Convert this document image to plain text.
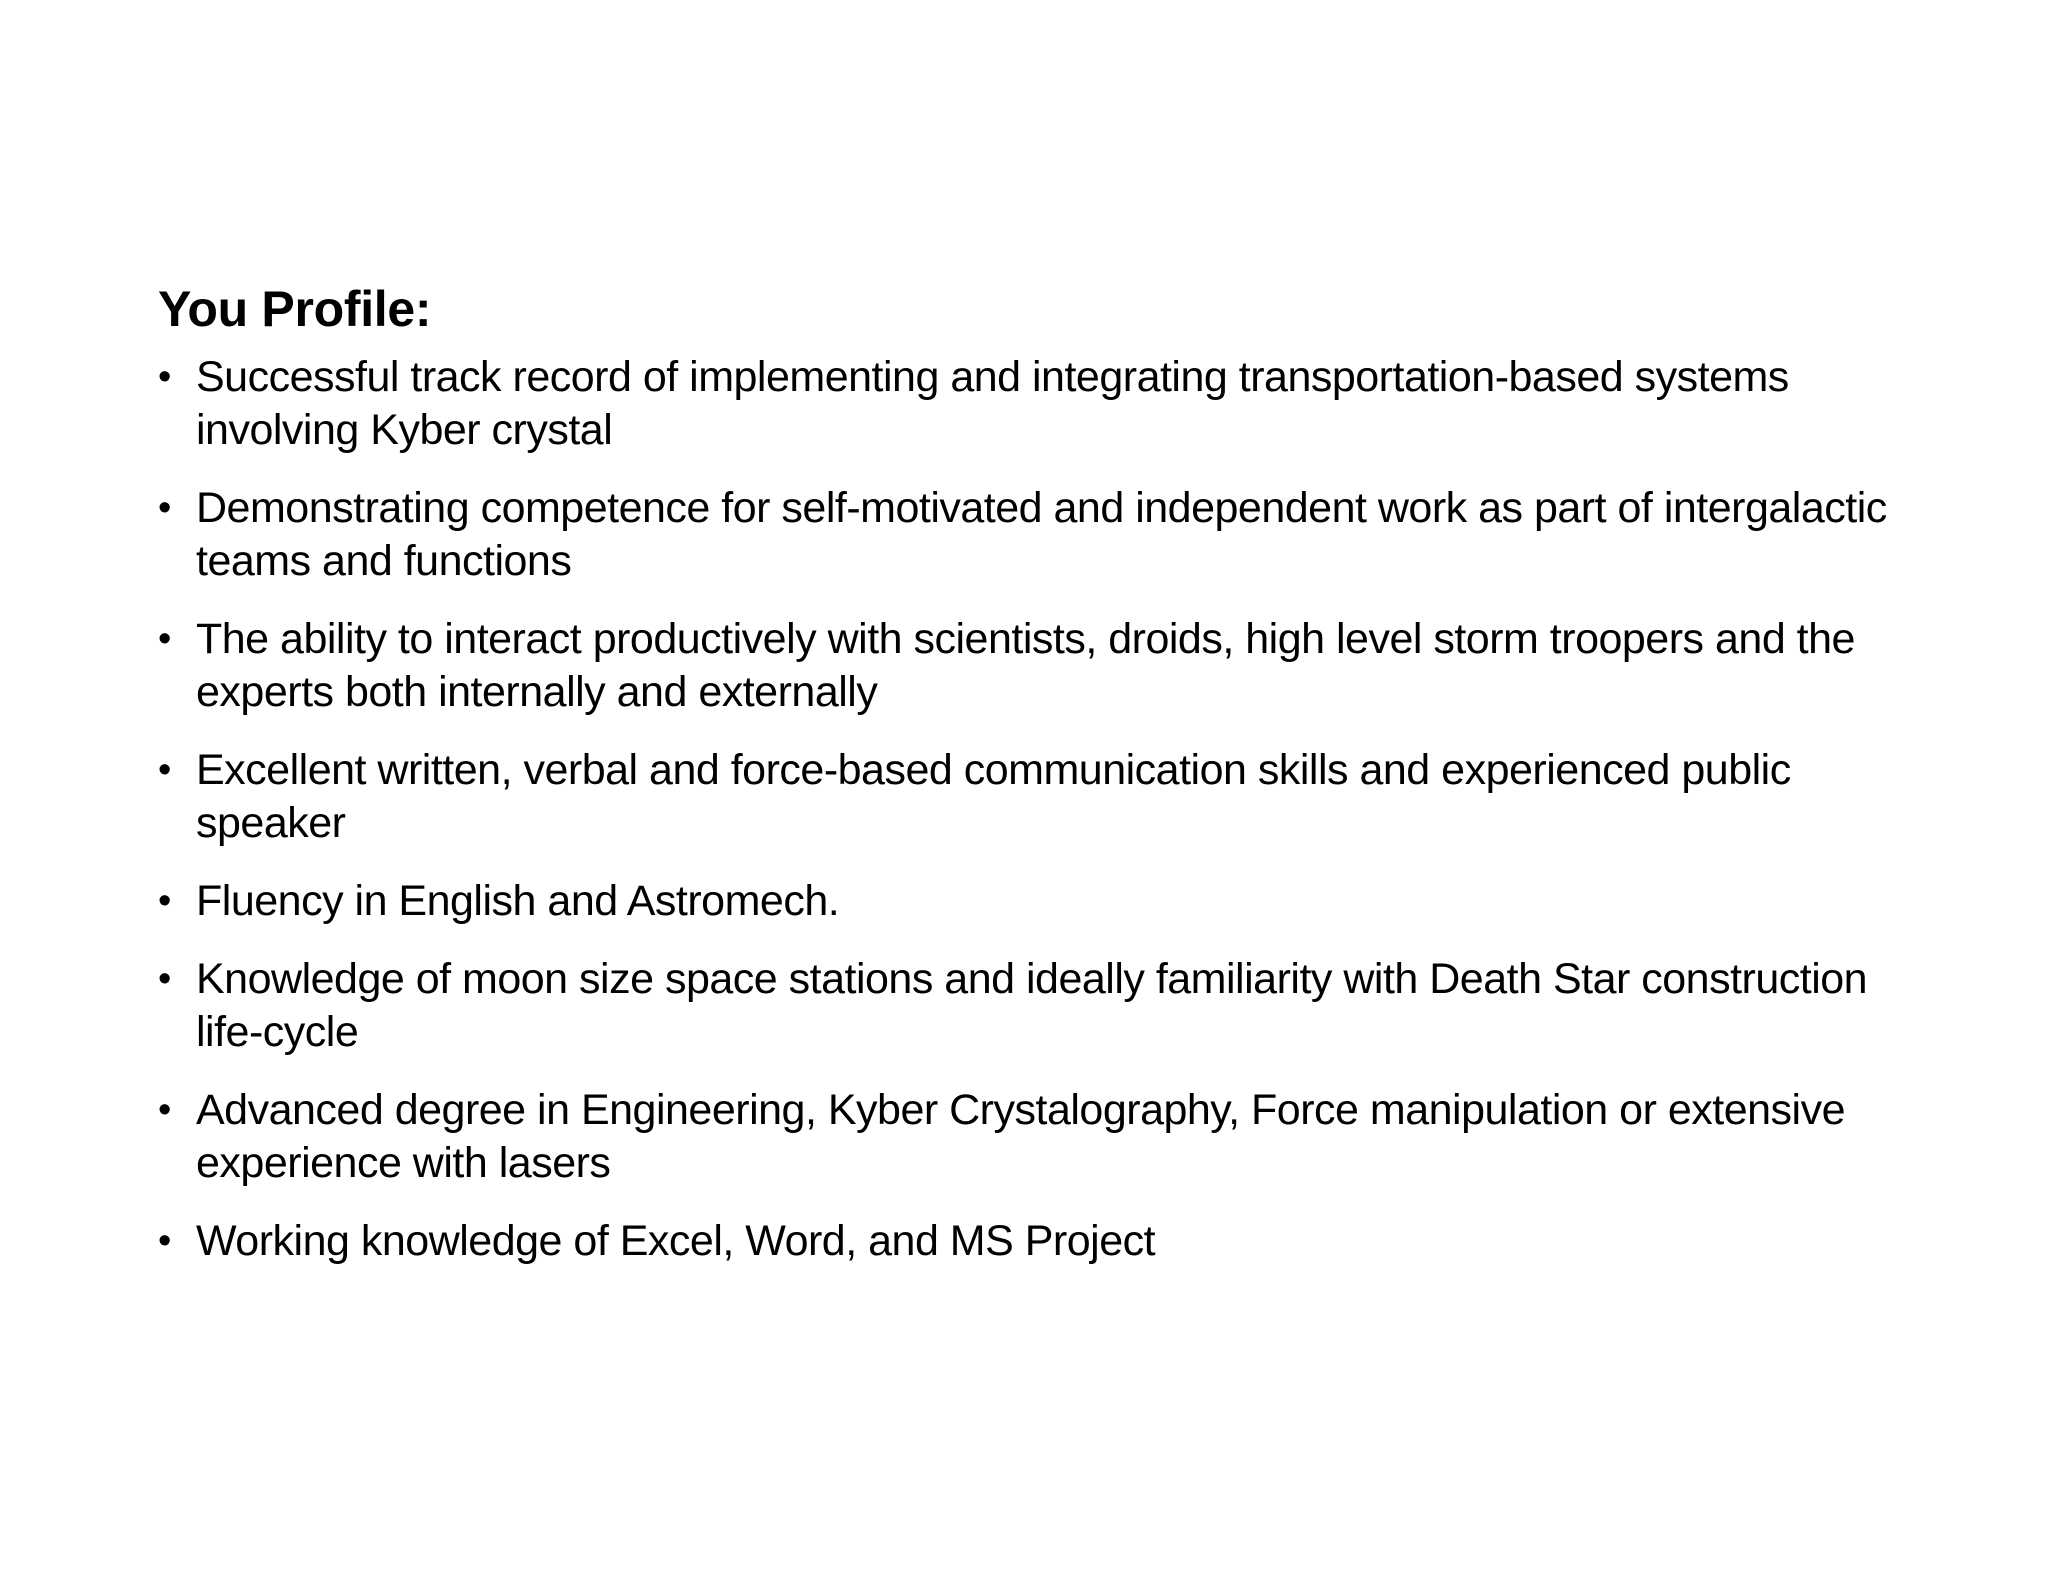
You Profile:
• Successful track record of implementing and integrating transportation-based systems involving Kyber crystal
• Demonstrating competence for self-motivated and independent work as part of intergalactic teams and functions
• The ability to interact productively with scientists, droids, high level storm troopers and the experts both internally and externally
• Excellent written, verbal and force-based communication skills and experienced public speaker
• Fluency in English and Astromech.
• Knowledge of moon size space stations and ideally familiarity with Death Star construction life-cycle
• Advanced degree in Engineering, Kyber Crystalography, Force manipulation or extensive experience with lasers
• Working knowledge of Excel, Word, and MS Project
